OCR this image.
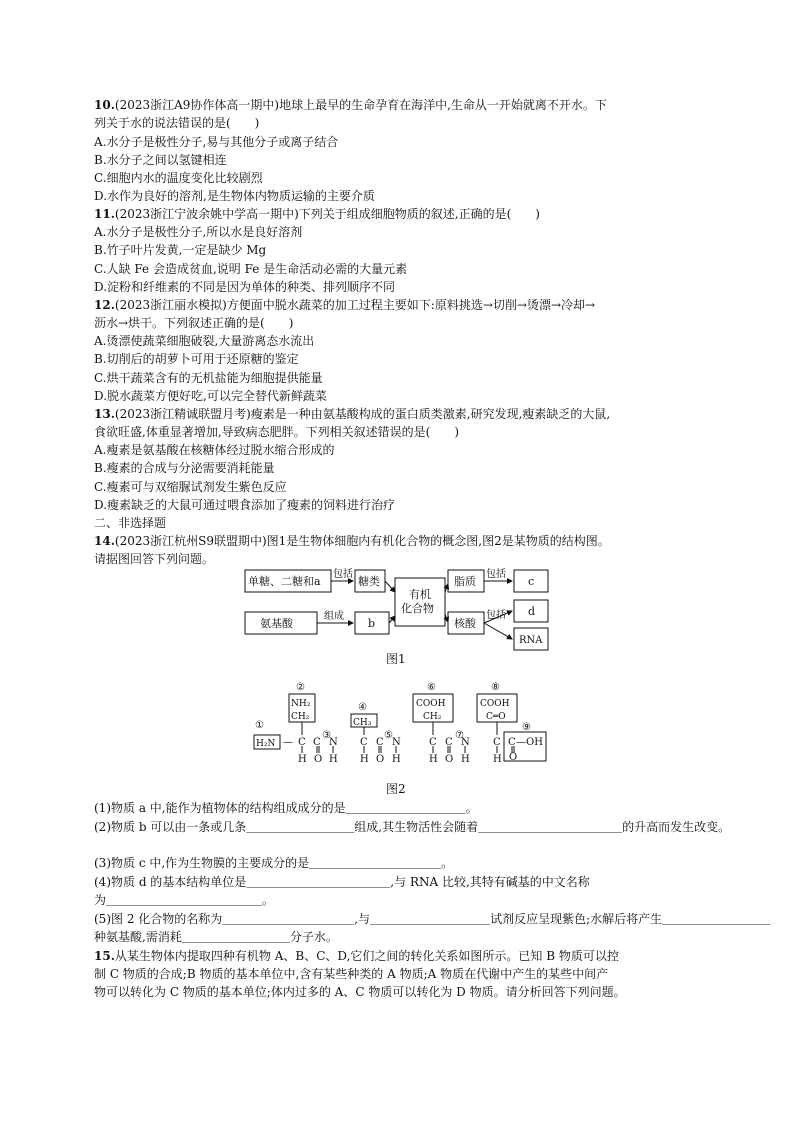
10.(2023浙江A9协作体高一期中)地球上最早的生命孕育在海洋中,生命从一开始就离不开水。下
列关于水的说法错误的是(　　)
A.水分子是极性分子,易与其他分子或离子结合
B.水分子之间以氢键相连
C.细胞内水的温度变化比较剧烈
D.水作为良好的溶剂,是生物体内物质运输的主要介质
11.(2023浙江宁波余姚中学高一期中)下列关于组成细胞物质的叙述,正确的是(　　)
A.水分子是极性分子,所以水是良好溶剂
B.竹子叶片发黄,一定是缺少 Mg
C.人缺 Fe 会造成贫血,说明 Fe 是生命活动必需的大量元素
D.淀粉和纤维素的不同是因为单体的种类、排列顺序不同
12.(2023浙江丽水模拟)方便面中脱水蔬菜的加工过程主要如下:原料挑选→切削→烫漂→冷却→
沥水→烘干。下列叙述正确的是(　　)
A.烫漂使蔬菜细胞破裂,大量游离态水流出
B.切削后的胡萝卜可用于还原糖的鉴定
C.烘干蔬菜含有的无机盐能为细胞提供能量
D.脱水蔬菜方便好吃,可以完全替代新鲜蔬菜
13.(2023浙江精诚联盟月考)瘦素是一种由氨基酸构成的蛋白质类激素,研究发现,瘦素缺乏的大鼠,
食欲旺盛,体重显著增加,导致病态肥胖。下列相关叙述错误的是(　　)
A.瘦素是氨基酸在核糖体经过脱水缩合形成的
B.瘦素的合成与分泌需要消耗能量
C.瘦素可与双缩脲试剂发生紫色反应
D.瘦素缺乏的大鼠可通过喂食添加了瘦素的饲料进行治疗
二、非选择题
14.(2023浙江杭州S9联盟期中)图1是生物体细胞内有机化合物的概念图,图2是某物质的结构图。
请据图回答下列问题。
单糖、二糖和a
包括
糖类
有机
化合物
脂质
包括
c
氨基酸
组成
b	核酸
包括 d
RNA
图1
①
②
③
④
⑤
⑥
⑦
⑧
⑨
H₂N
NH₂
CH₂
CH₃
COOH
CH₂
COOH
C═O
— C C N C C N	C C N C C —OH
H O H H O H	H O H H O
图2
(1)物质 a 中,能作为植物体的结构组成成分的是＿＿＿＿＿＿＿＿＿＿。
(2)物质 b 可以由一条或几条＿＿＿＿＿＿＿＿＿组成,其生物活性会随着＿＿＿＿＿＿＿＿＿＿＿＿的升高而发生改变。
(3)物质 c 中,作为生物膜的主要成分的是＿＿＿＿＿＿＿＿＿＿＿。
(4)物质 d 的基本结构单位是＿＿＿＿＿＿＿＿＿＿＿＿,与 RNA 比较,其特有碱基的中文名称
为＿＿＿＿＿＿＿＿＿＿＿＿＿。
(5)图 2 化合物的名称为＿＿＿＿＿＿＿＿＿＿＿,与＿＿＿＿＿＿＿＿＿＿试剂反应呈现紫色;水解后将产生＿＿＿＿＿＿＿＿＿
种氨基酸,需消耗＿＿＿＿＿＿＿＿＿分子水。
15.从某生物体内提取四种有机物 A、B、C、D,它们之间的转化关系如图所示。已知 B 物质可以控
制 C 物质的合成;B 物质的基本单位中,含有某些种类的 A 物质;A 物质在代谢中产生的某些中间产
物可以转化为 C 物质的基本单位;体内过多的 A、C 物质可以转化为 D 物质。请分析回答下列问题。
